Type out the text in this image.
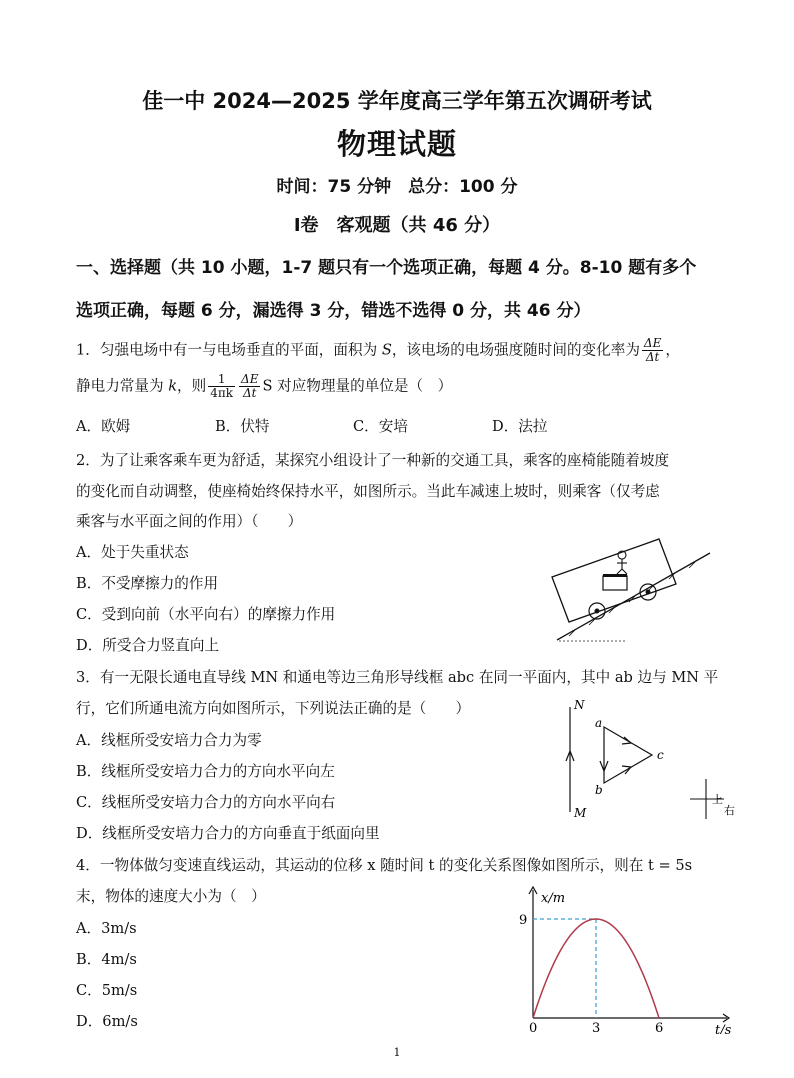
佳一中 2024—2025 学年度高三学年第五次调研考试
物理试题
时间：75 分钟　总分：100 分
Ⅰ卷　客观题（共 46 分）
一、选择题（共 10 小题，1-7 题只有一个选项正确，每题 4 分。8-10 题有多个
选项正确，每题 6 分，漏选得 3 分，错选不选得 0 分，共 46 分）
1．匀强电场中有一与电场垂直的平面，面积为 S，该电场的电场强度随时间的变化率为 $\frac{\Delta E}{\Delta t}$ ，
静电力常量为 k，则 $\frac{1}{4\pi k} \frac{\Delta E}{\Delta t}$ S 对应物理量的单位是（　）
A．欧姆	B．伏特	C．安培	D．法拉
2．为了让乘客乘车更为舒适，某探究小组设计了一种新的交通工具，乘客的座椅能随着坡度
的变化而自动调整，使座椅始终保持水平，如图所示。当此车减速上坡时，则乘客（仅考虑
乘客与水平面之间的作用）（　　）
A．处于失重状态
B．不受摩擦力的作用
C．受到向前（水平向右）的摩擦力作用
D．所受合力竖直向上
3．有一无限长通电直导线 MN 和通电等边三角形导线框 abc 在同一平面内，其中 ab 边与 MN 平
行，它们所通电流方向如图所示，下列说法正确的是（　　）
A．线框所受安培力合力为零
B．线框所受安培力合力的方向水平向左
C．线框所受安培力合力的方向水平向右
D．线框所受安培力合力的方向垂直于纸面向里
N
M
a
b
c
上
右
4．一物体做匀变速直线运动，其运动的位移 x 随时间 t 的变化关系图像如图所示，则在 t = 5s
末，物体的速度大小为（　）
A．3m/s
B．4m/s
C．5m/s
D．6m/s
x/m
t/s
0	3	6
9
1
